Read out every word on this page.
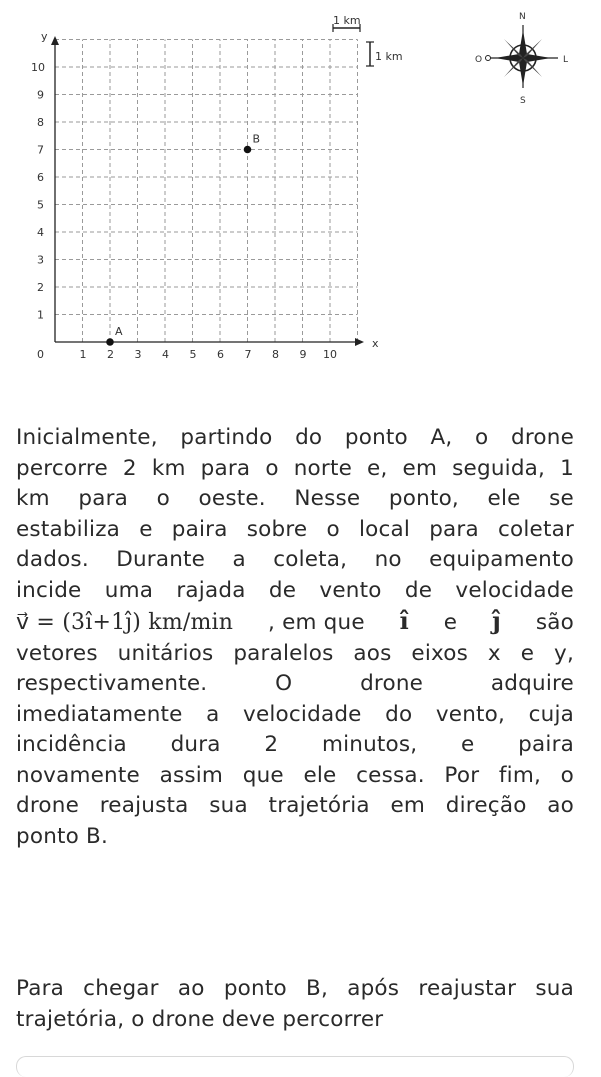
x
y
0	1 2 3 4 5 6 7 8 9 10
1
2
3
4
5
6
7
8
9
10
A
B
1 km
1 km
N
S
O	L
Inicialmente, partindo do ponto A, o drone
percorre 2 km para o norte e, em seguida, 1
km para o oeste. Nesse ponto, ele se
estabiliza e paira sobre o local para coletar
dados. Durante a coleta, no equipamento
incide uma rajada de vento de velocidade
v⃗ = (3î+1ĵ) km/min , em que î e ĵ são
vetores unitários paralelos aos eixos x e y,
respectivamente. O drone adquire
imediatamente a velocidade do vento, cuja
incidência dura 2 minutos, e paira
novamente assim que ele cessa. Por fim, o
drone reajusta sua trajetória em direção ao
ponto B.
Para chegar ao ponto B, após reajustar sua
trajetória, o drone deve percorrer
